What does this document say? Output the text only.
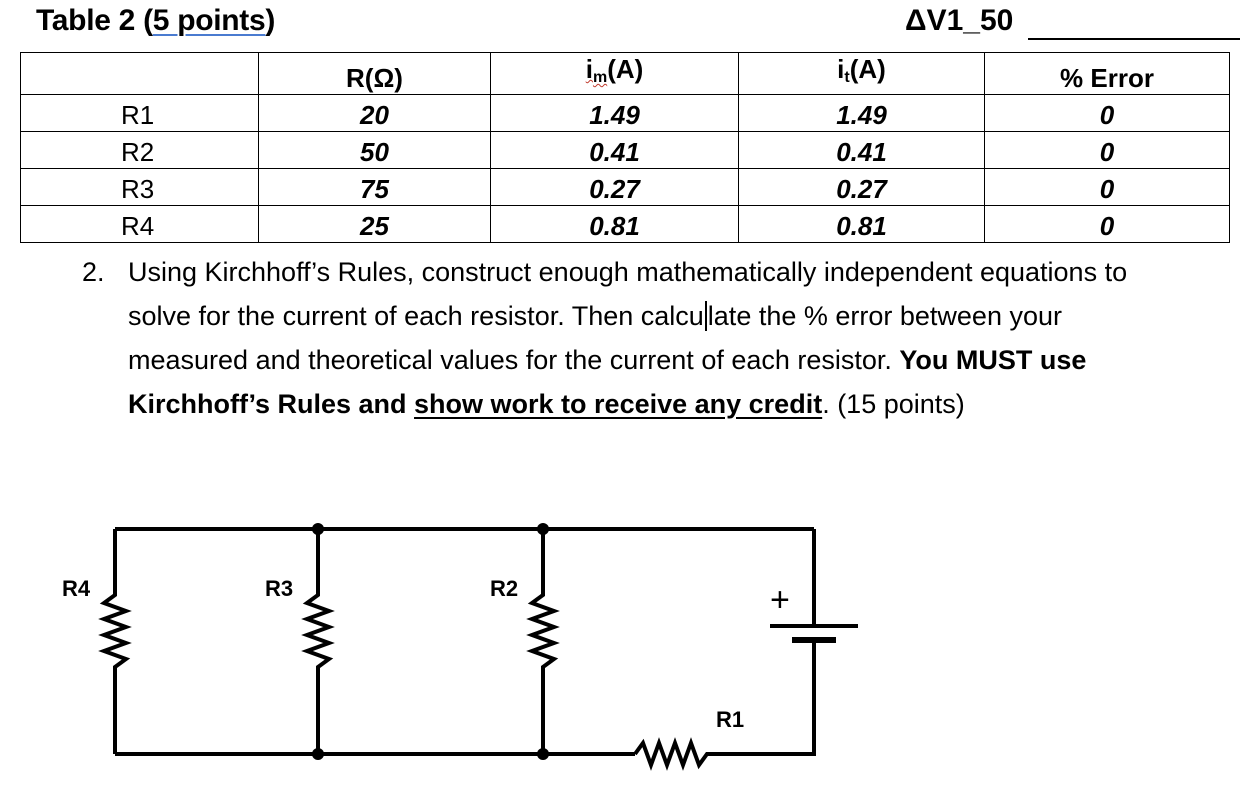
Table 2 (5 points)	ΔV1_50
	R(Ω)	$i_m(A)$	$i_t(A)$	% Error
R1	20	1.49	1.49	0
R2	50	0.41	0.41	0
R3	75	0.27	0.27	0
R4	25	0.81	0.81	0
2. Using Kirchhoff’s Rules, construct enough mathematically independent equations to
solve for the current of each resistor. Then calcu late the % error between your
measured and theoretical values for the current of each resistor. You MUST use
Kirchhoff’s Rules and show work to receive any credit. (15 points)
R4	R3	R2
R1
+
